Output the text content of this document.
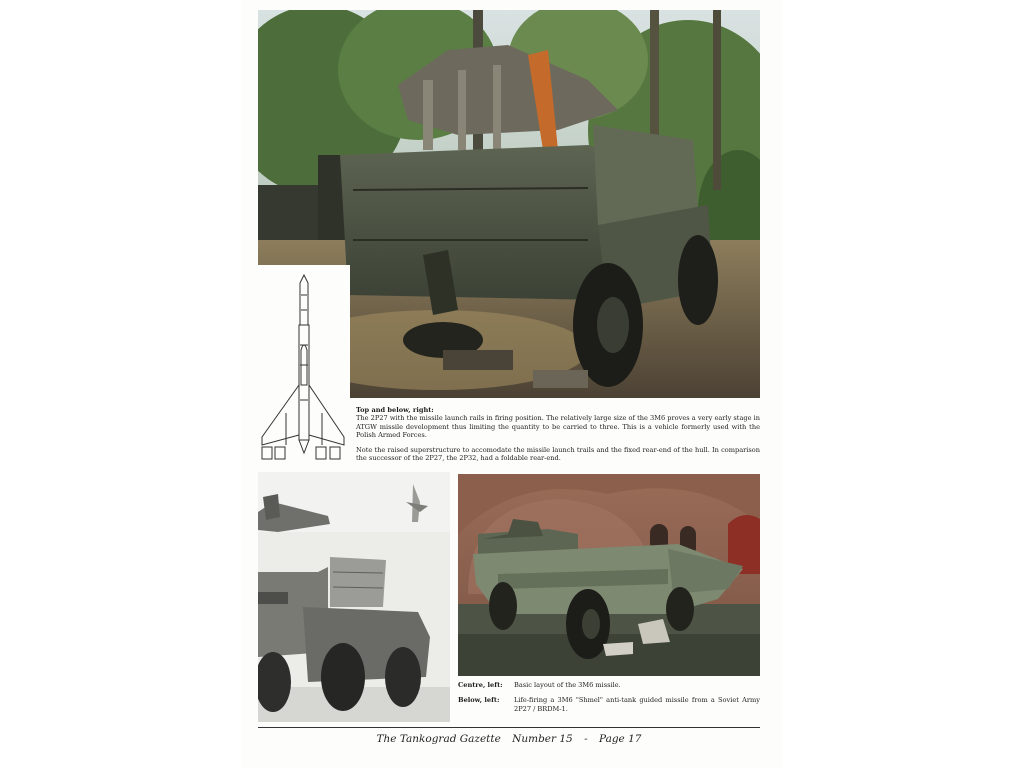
Top and below, right:

The 2P27 with the missile launch rails in firing position. The relatively large size of the 3M6 proves a very early stage in ATGW missile development thus limiting the quantity to be carried to three. This is a vehicle formerly used with the Polish Armed Forces.

Note the raised superstructure to accomodate the missile launch trails and the fixed rear-end of the hull. In comparison the successor of the 2P27, the 2P32, had a foldable rear-end.

Centre, left:	Basic layout of the 3M6 missile.
Below, left:	Life-firing a 3M6 "Shmel" anti-tank guided missile from a Soviet Army 2P27 / BRDM-1.
The Tankograd Gazette Number 15 - Page 17
